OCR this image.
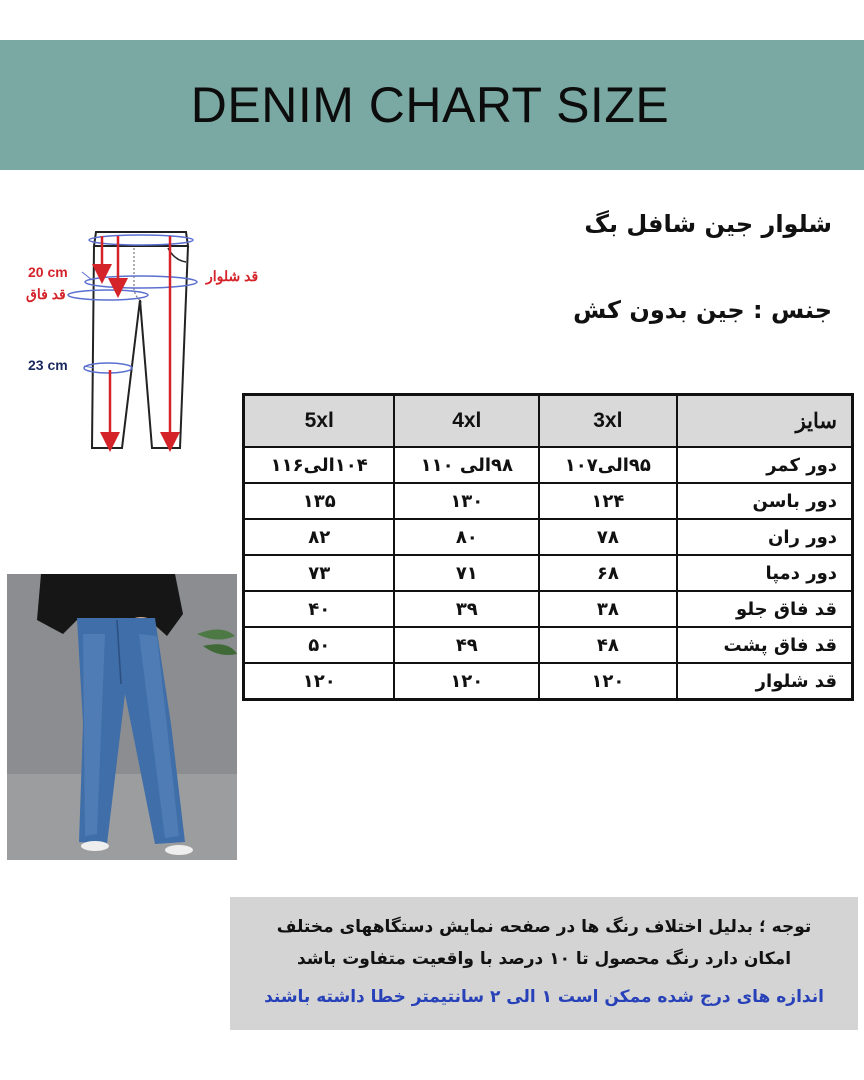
DENIM CHART SIZE

شلوار جین شافل بگ

جنس : جین بدون کش

20 cm
قد فاق
23 cm
قد شلوار
سایز	3xl	4xl	5xl
دور کمر	۹۵الی۱۰۷	۹۸الی ۱۱۰	۱۰۴الی۱۱۶
دور باسن	۱۲۴	۱۳۰	۱۳۵
دور ران	۷۸	۸۰	۸۲
دور دمپا	۶۸	۷۱	۷۳
قد فاق جلو	۳۸	۳۹	۴۰
قد فاق پشت	۴۸	۴۹	۵۰
قد شلوار	۱۲۰	۱۲۰	۱۲۰

توجه ؛ بدلیل اختلاف رنگ ها در صفحه نمایش دستگاههای مختلف

امکان دارد رنگ محصول تا ۱۰ درصد با واقعیت متفاوت باشد

اندازه های درج شده ممکن است ۱ الی ۲ سانتیمتر خطا داشته باشند
